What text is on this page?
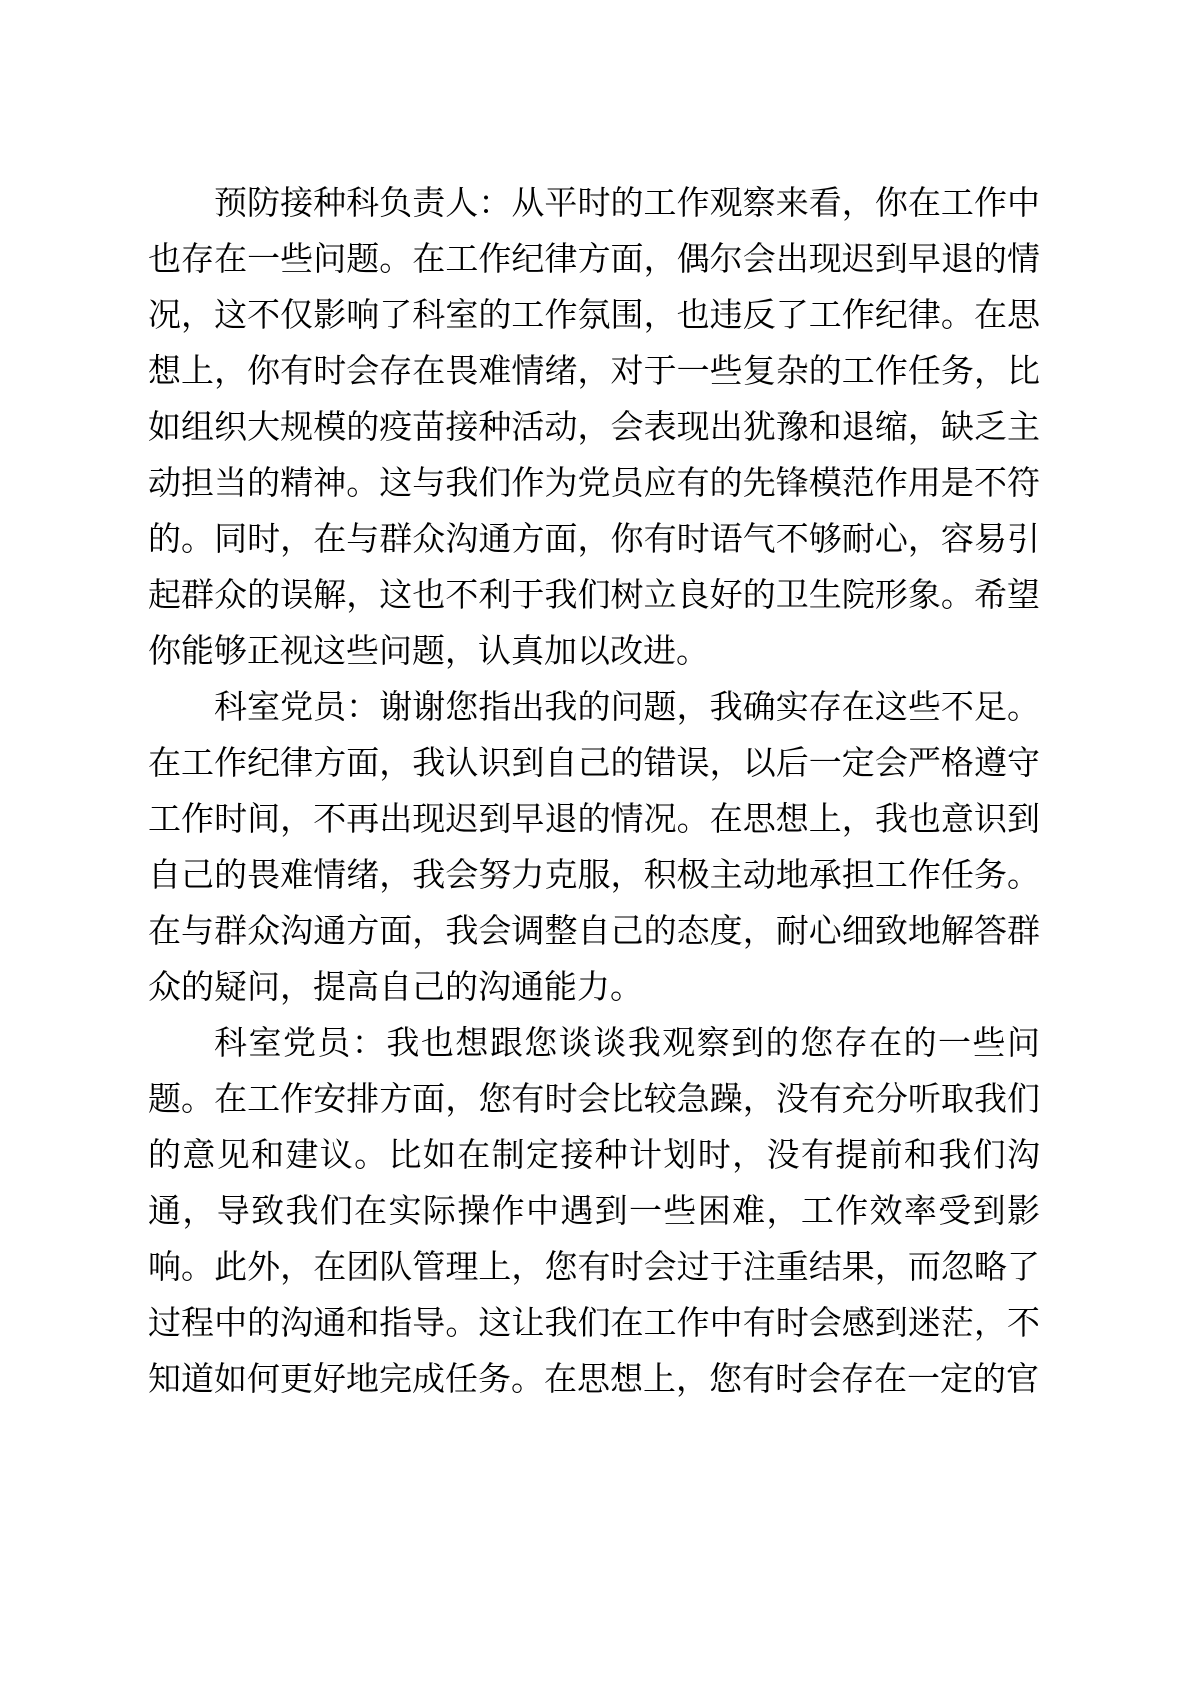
预防接种科负责人：从平时的工作观察来看，你在工作中也存在一些问题。在工作纪律方面，偶尔会出现迟到早退的情况，这不仅影响了科室的工作氛围，也违反了工作纪律。在思想上，你有时会存在畏难情绪，对于一些复杂的工作任务，比如组织大规模的疫苗接种活动，会表现出犹豫和退缩，缺乏主动担当的精神。这与我们作为党员应有的先锋模范作用是不符的。同时，在与群众沟通方面，你有时语气不够耐心，容易引起群众的误解，这也不利于我们树立良好的卫生院形象。希望你能够正视这些问题，认真加以改进。

科室党员：谢谢您指出我的问题，我确实存在这些不足。在工作纪律方面，我认识到自己的错误，以后一定会严格遵守工作时间，不再出现迟到早退的情况。在思想上，我也意识到自己的畏难情绪，我会努力克服，积极主动地承担工作任务。在与群众沟通方面，我会调整自己的态度，耐心细致地解答群众的疑问，提高自己的沟通能力。

科室党员：我也想跟您谈谈我观察到的您存在的一些问题。在工作安排方面，您有时会比较急躁，没有充分听取我们的意见和建议。比如在制定接种计划时，没有提前和我们沟通，导致我们在实际操作中遇到一些困难，工作效率受到影响。此外，在团队管理上，您有时会过于注重结果，而忽略了过程中的沟通和指导。这让我们在工作中有时会感到迷茫，不知道如何更好地完成任务。在思想上，您有时会存在一定的官
